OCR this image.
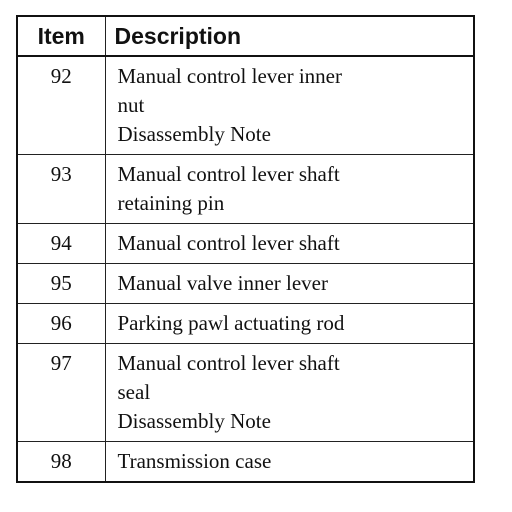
Item	Description
92	Manual control lever inner
nut
Disassembly Note

93	Manual control lever shaft
retaining pin

94	Manual control lever shaft

95	Manual valve inner lever

96	Parking pawl actuating rod

97	Manual control lever shaft
seal
Disassembly Note

98	Transmission case
